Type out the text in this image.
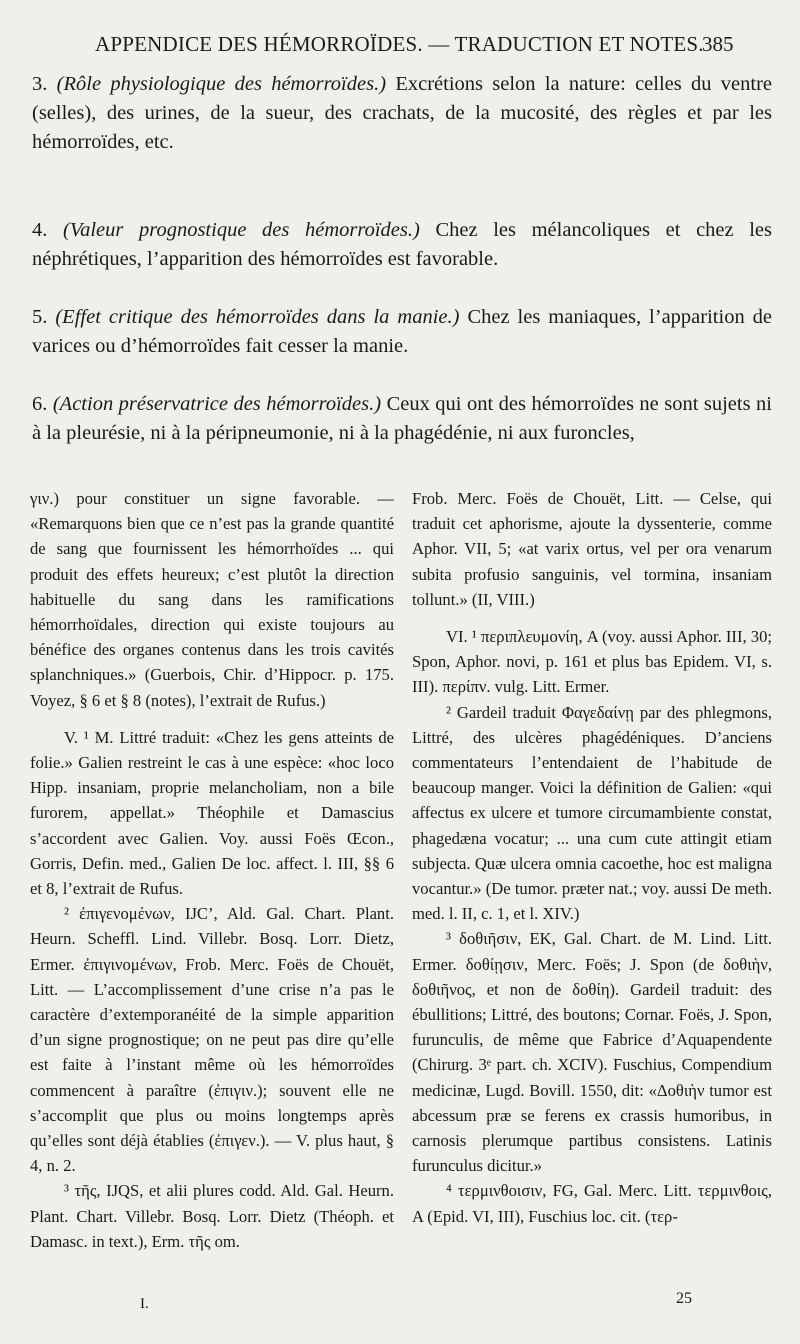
APPENDICE DES HÉMORROÏDES. — TRADUCTION ET NOTES.
385
3. (Rôle physiologique des hémorroïdes.) Excrétions selon la nature: celles du ventre (selles), des urines, de la sueur, des crachats, de la mucosité, des règles et par les hémorroïdes, etc.
4. (Valeur prognostique des hémorroïdes.) Chez les mélancoliques et chez les néphrétiques, l’apparition des hémorroïdes est favorable.
5. (Effet critique des hémorroïdes dans la manie.) Chez les maniaques, l’apparition de varices ou d’hémorroïdes fait cesser la manie.
6. (Action préservatrice des hémorroïdes.) Ceux qui ont des hémorroïdes ne sont sujets ni à la pleurésie, ni à la péripneumonie, ni à la phagédénie, ni aux furoncles,

γιν.) pour constituer un signe favorable. — «Remarquons bien que ce n’est pas la grande quantité de sang que fournissent les hémorrhoïdes ... qui produit des effets heureux; c’est plutôt la direction habituelle du sang dans les ramifications hémorrhoïdales, direction qui existe toujours au bénéfice des organes contenus dans les trois cavités splanchniques.» (Guerbois, Chir. d’Hippocr. p. 175. Voyez, § 6 et § 8 (notes), l’extrait de Rufus.)

V. ¹ M. Littré traduit: «Chez les gens atteints de folie.» Galien restreint le cas à une espèce: «hoc loco Hipp. insaniam, proprie melancholiam, non a bile furorem, appellat.» Théophile et Damascius s’accordent avec Galien. Voy. aussi Foës Œcon., Gorris, Defin. med., Galien De loc. affect. l. III, §§ 6 et 8, l’extrait de Rufus.

² ἐπιγενομένων, IJC’, Ald. Gal. Chart. Plant. Heurn. Scheffl. Lind. Villebr. Bosq. Lorr. Dietz, Ermer. ἐπιγινομένων, Frob. Merc. Foës de Chouët, Litt. — L’accomplissement d’une crise n’a pas le caractère d’extemporanéité de la simple apparition d’un signe prognostique; on ne peut pas dire qu’elle est faite à l’instant même où les hémorroïdes commencent à paraître (ἐπιγιν.); souvent elle ne s’accomplit que plus ou moins longtemps après qu’elles sont déjà établies (ἐπιγεν.). — V. plus haut, § 4, n. 2.

³ τῆς, IJQS, et alii plures codd. Ald. Gal. Heurn. Plant. Chart. Villebr. Bosq. Lorr. Dietz (Théoph. et Damasc. in text.), Erm. τῆς om.

Frob. Merc. Foës de Chouët, Litt. — Celse, qui traduit cet aphorisme, ajoute la dyssenterie, comme Aphor. VII, 5; «at varix ortus, vel per ora venarum subita profusio sanguinis, vel tormina, insaniam tollunt.» (II, VIII.)

VI. ¹ περιπλευμονίη, A (voy. aussi Aphor. III, 30; Spon, Aphor. novi, p. 161 et plus bas Epidem. VI, s. III). περίπν. vulg. Litt. Ermer.

² Gardeil traduit Φαγεδαίνῃ par des phlegmons, Littré, des ulcères phagédéniques. D’anciens commentateurs l’entendaient de l’habitude de beaucoup manger. Voici la définition de Galien: «qui affectus ex ulcere et tumore circumambiente constat, phagedæna vocatur; ... una cum cute attingit etiam subjecta. Quæ ulcera omnia cacoethe, hoc est maligna vocantur.» (De tumor. præter nat.; voy. aussi De meth. med. l. II, c. 1, et l. XIV.)

³ δοθιῆσιν, EK, Gal. Chart. de M. Lind. Litt. Ermer. δοθίῃσιν, Merc. Foës; J. Spon (de δοθιὴν, δοθιῆνος, et non de δοθίη). Gardeil traduit: des ébullitions; Littré, des boutons; Cornar. Foës, J. Spon, furunculis, de même que Fabrice d’Aquapendente (Chirurg. 3ᵉ part. ch. XCIV). Fuschius, Compendium medicinæ, Lugd. Bovill. 1550, dit: «Δοθιὴν tumor est abcessum præ se ferens ex crassis humoribus, in carnosis plerumque partibus consistens. Latinis furunculus dicitur.»

⁴ τερμινθοισιν, FG, Gal. Merc. Litt. τερμινθοις, A (Epid. VI, III), Fuschius loc. cit. (τερ-

I.	25
